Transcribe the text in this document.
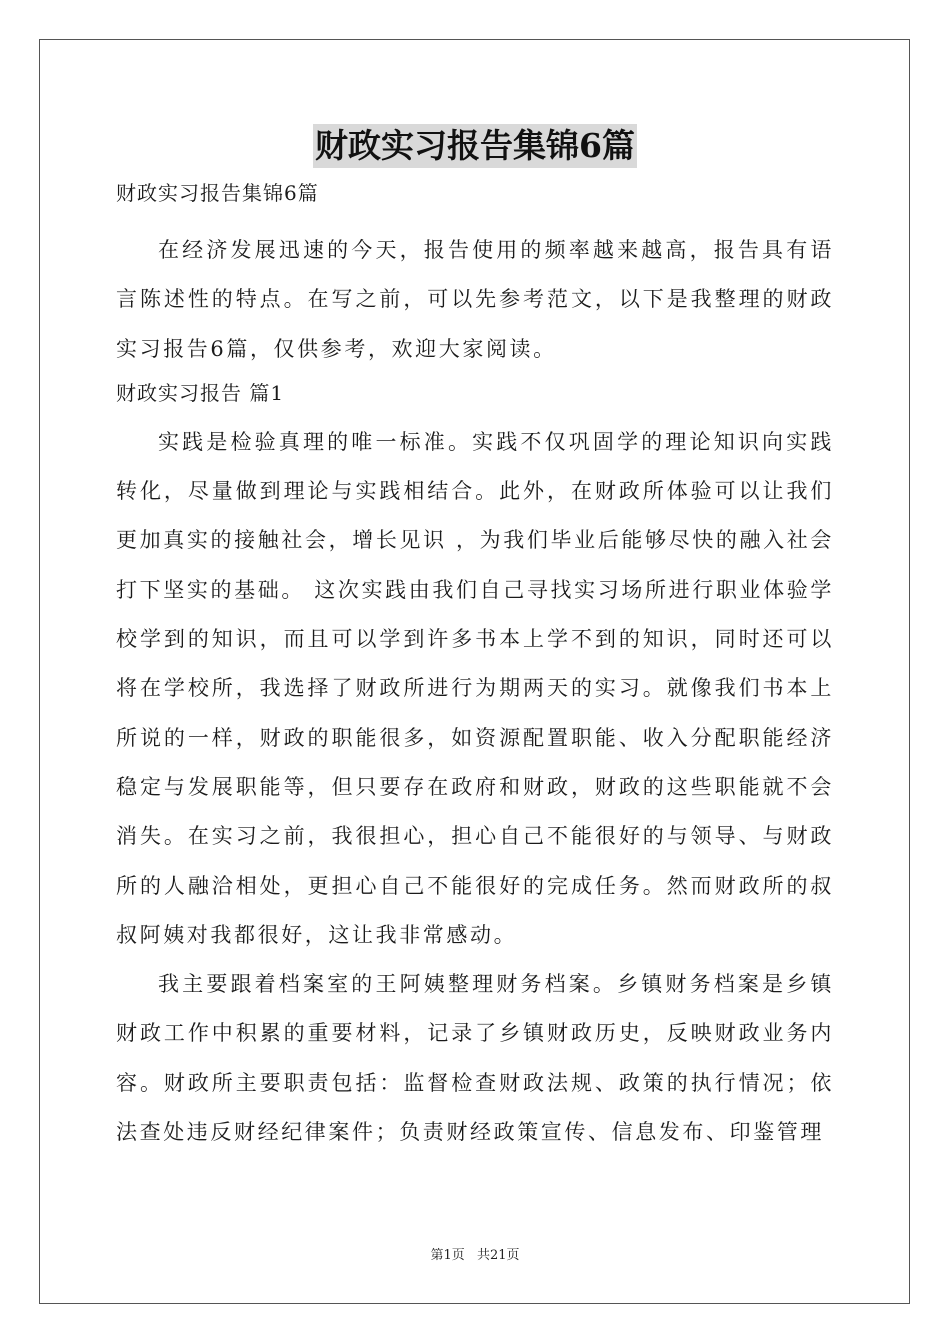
财政实习报告集锦6篇
财政实习报告集锦6篇

在经济发展迅速的今天，报告使用的频率越来越高，报告具有语言陈述性的特点。在写之前，可以先参考范文，以下是我整理的财政实习报告6篇，仅供参考，欢迎大家阅读。

财政实习报告 篇1

实践是检验真理的唯一标准。实践不仅巩固学的理论知识向实践转化，尽量做到理论与实践相结合。此外，在财政所体验可以让我们更加真实的接触社会，增长见识 ，为我们毕业后能够尽快的融入社会打下坚实的基础。 这次实践由我们自己寻找实习场所进行职业体验学校学到的知识，而且可以学到许多书本上学不到的知识，同时还可以将在学校所，我选择了财政所进行为期两天的实习。就像我们书本上所说的一样，财政的职能很多，如资源配置职能、收入分配职能经济稳定与发展职能等，但只要存在政府和财政，财政的这些职能就不会消失。在实习之前，我很担心，担心自己不能很好的与领导、与财政所的人融洽相处，更担心自己不能很好的完成任务。然而财政所的叔叔阿姨对我都很好，这让我非常感动。

我主要跟着档案室的王阿姨整理财务档案。乡镇财务档案是乡镇财政工作中积累的重要材料，记录了乡镇财政历史，反映财政业务内容。财政所主要职责包括：监督检查财政法规、政策的执行情况；依法查处违反财经纪律案件；负责财经政策宣传、信息发布、印鉴管理

第1页 共21页
